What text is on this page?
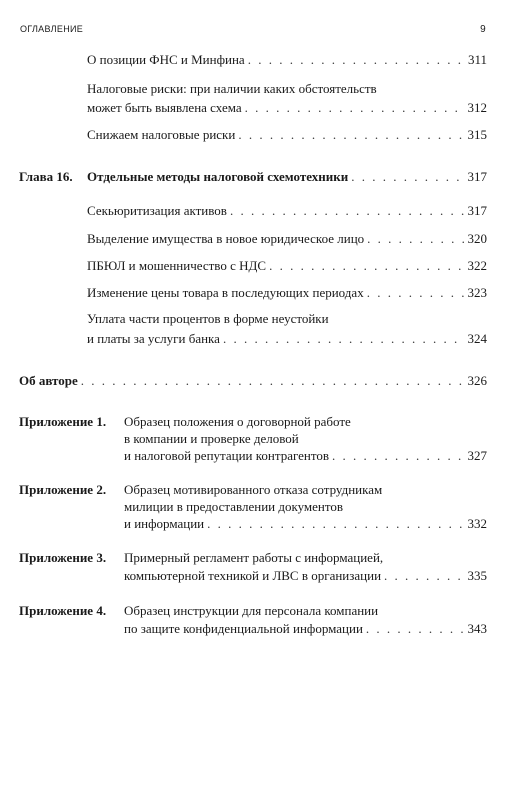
ОГЛАВЛЕНИЕ	9
О позиции ФНС и Минфина . . .	311
Налоговые риски: при наличии каких обстоятельств
может быть выявлена схема . . .	312
Снижаем налоговые риски . . .	315
Глава 16. Отдельные методы налоговой схемотехники . . .	317
Секьюритизация активов . . .	317
Выделение имущества в новое юридическое лицо . . .	320
ПБЮЛ и мошенничество с НДС . . .	322
Изменение цены товара в последующих периодах . . .	323
Уплата части процентов в форме неустойки
и платы за услуги банка . . .	324
Об авторе . . .	326
Приложение 1. Образец положения о договорной работе
в компании и проверке деловой
и налоговой репутации контрагентов . . .	327
Приложение 2. Образец мотивированного отказа сотрудникам
милиции в предоставлении документов
и информации . . .	332
Приложение 3. Примерный регламент работы с информацией,
компьютерной техникой и ЛВС в организации . . .	335
Приложение 4. Образец инструкции для персонала компании
по защите конфиденциальной информации . . .	343
